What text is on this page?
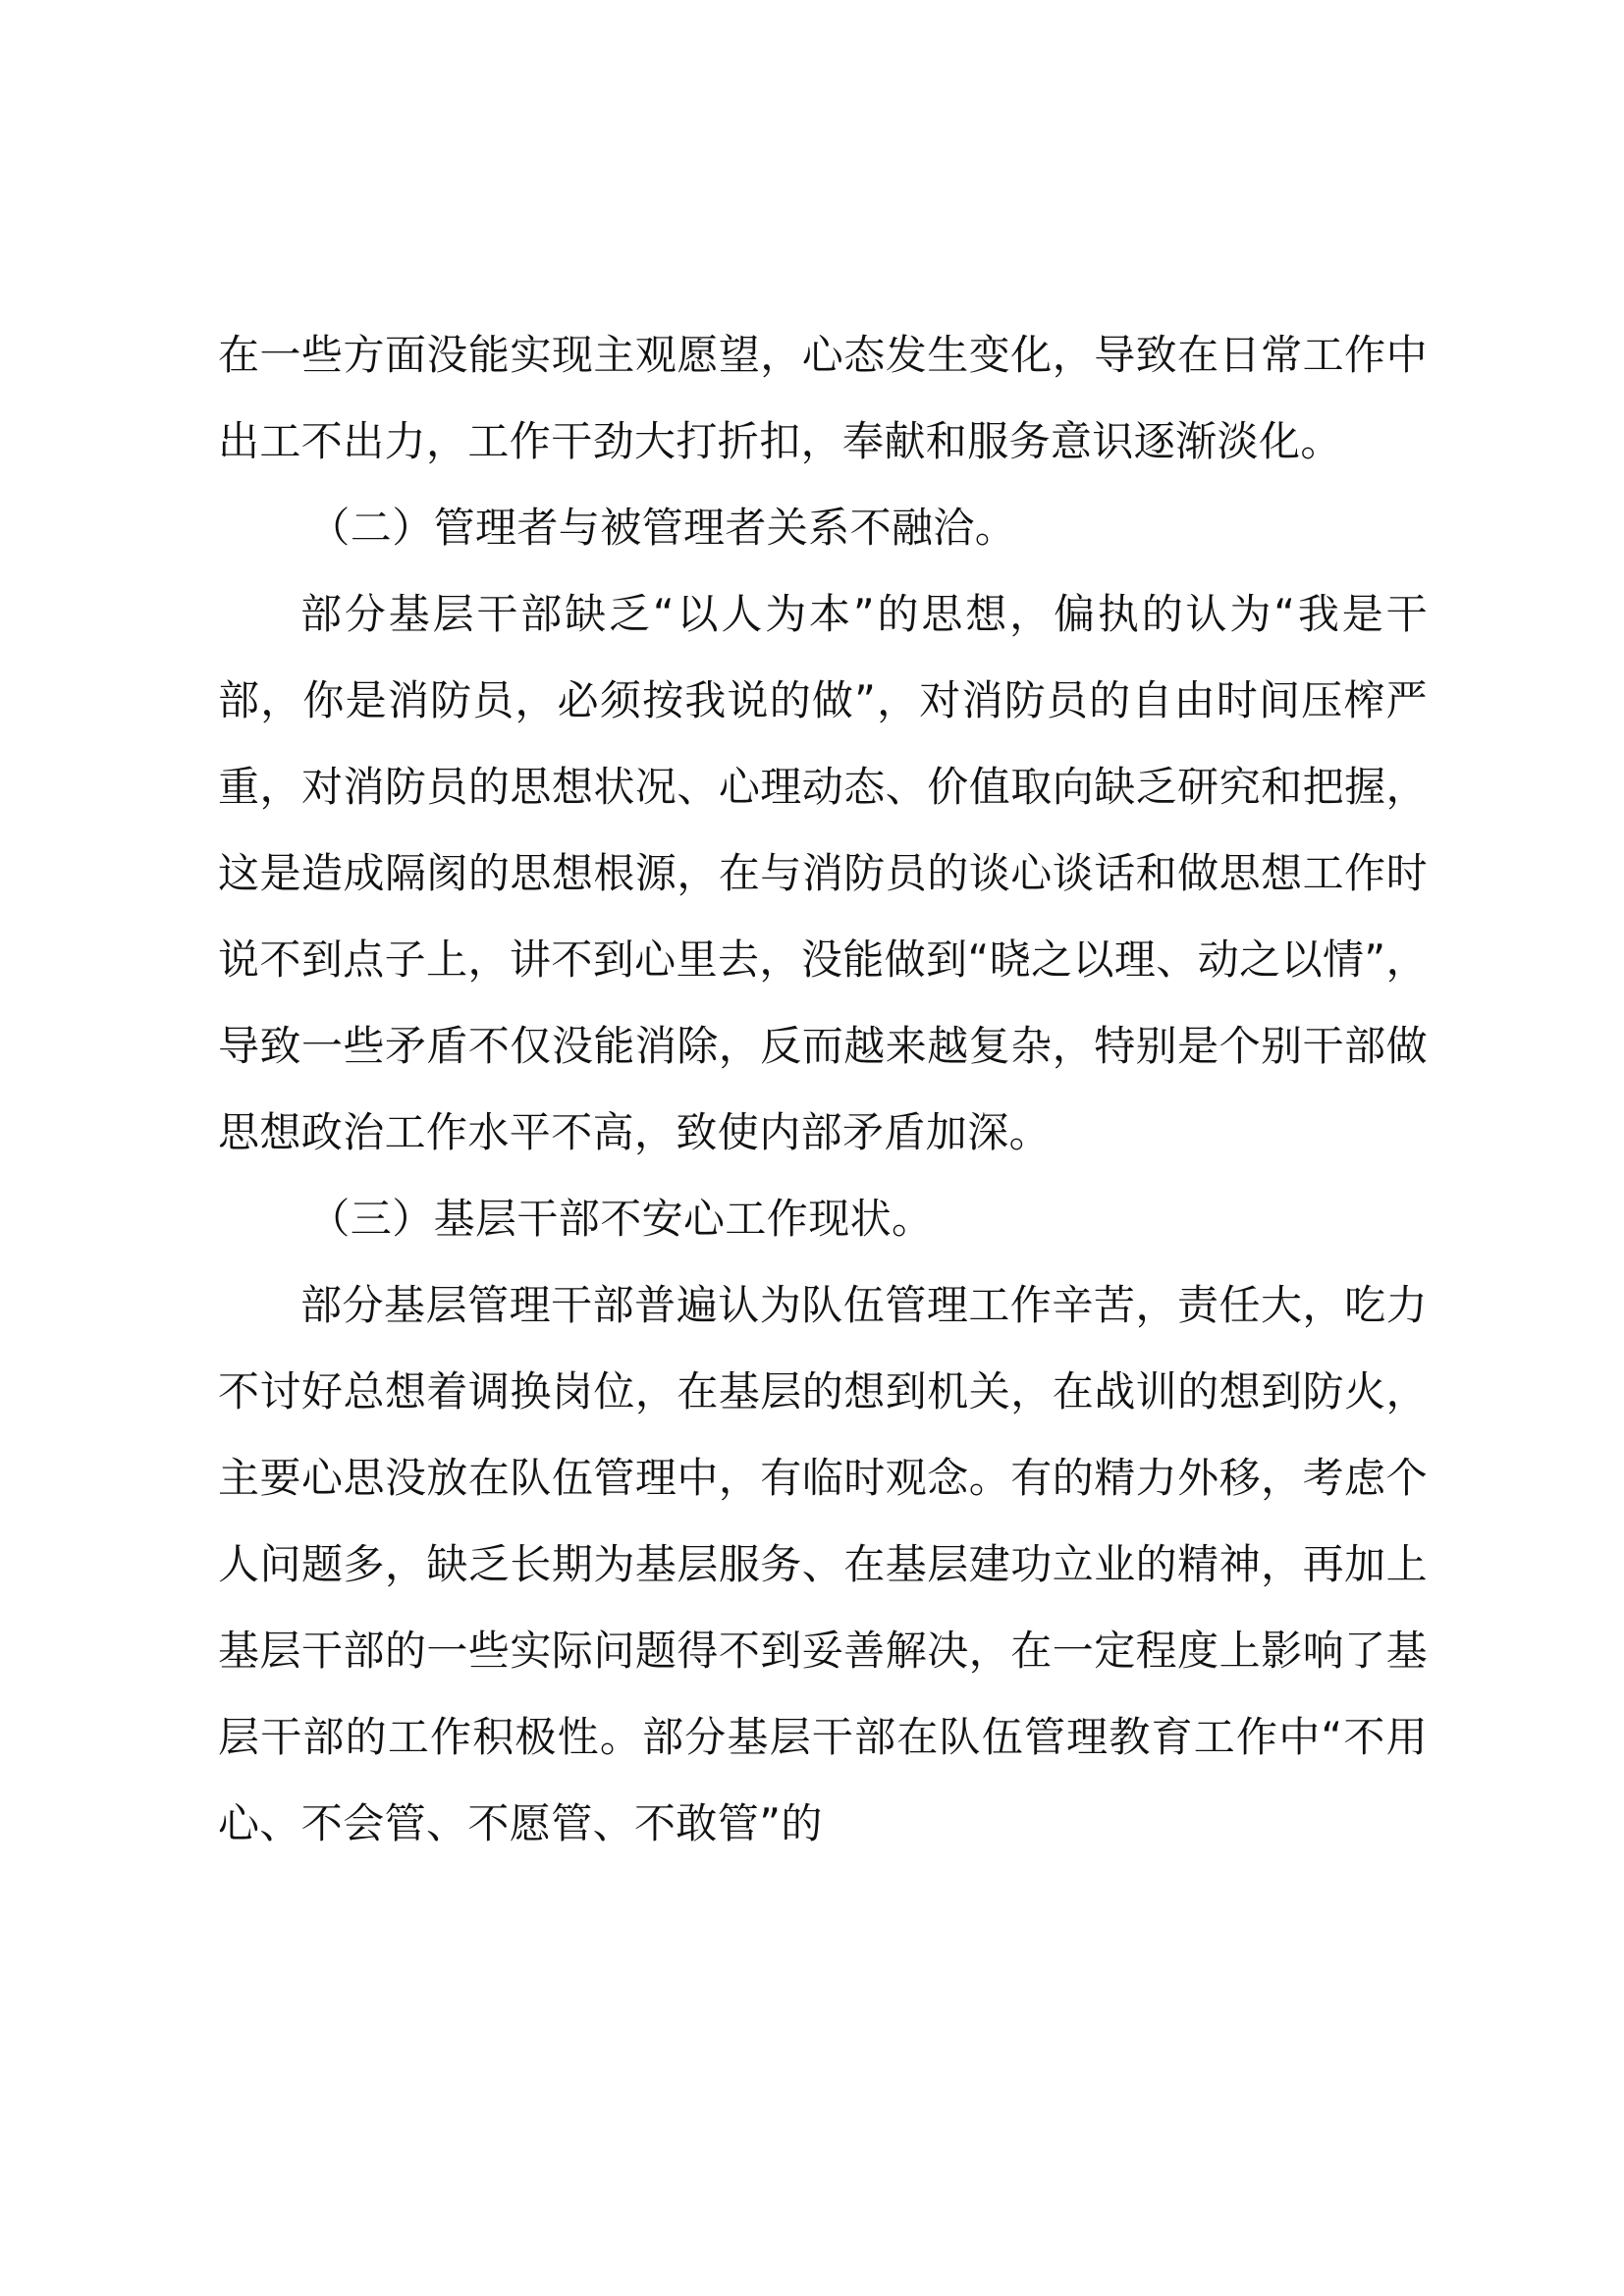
在一些方面没能实现主观愿望，心态发生变化，导致在日常工作中出工不出力，工作干劲大打折扣，奉献和服务意识逐渐淡化。

（二）管理者与被管理者关系不融洽。

部分基层干部缺乏“以人为本”的思想，偏执的认为“我是干部，你是消防员，必须按我说的做”，对消防员的自由时间压榨严重，对消防员的思想状况、心理动态、价值取向缺乏研究和把握，这是造成隔阂的思想根源，在与消防员的谈心谈话和做思想工作时说不到点子上，讲不到心里去，没能做到“晓之以理、动之以情”，导致一些矛盾不仅没能消除，反而越来越复杂，特别是个别干部做思想政治工作水平不高，致使内部矛盾加深。

（三）基层干部不安心工作现状。

部分基层管理干部普遍认为队伍管理工作辛苦，责任大，吃力不讨好总想着调换岗位，在基层的想到机关，在战训的想到防火，主要心思没放在队伍管理中，有临时观念。有的精力外移，考虑个人问题多，缺乏长期为基层服务、在基层建功立业的精神，再加上基层干部的一些实际问题得不到妥善解决，在一定程度上影响了基层干部的工作积极性。部分基层干部在队伍管理教育工作中“不用心、不会管、不愿管、不敢管”的
